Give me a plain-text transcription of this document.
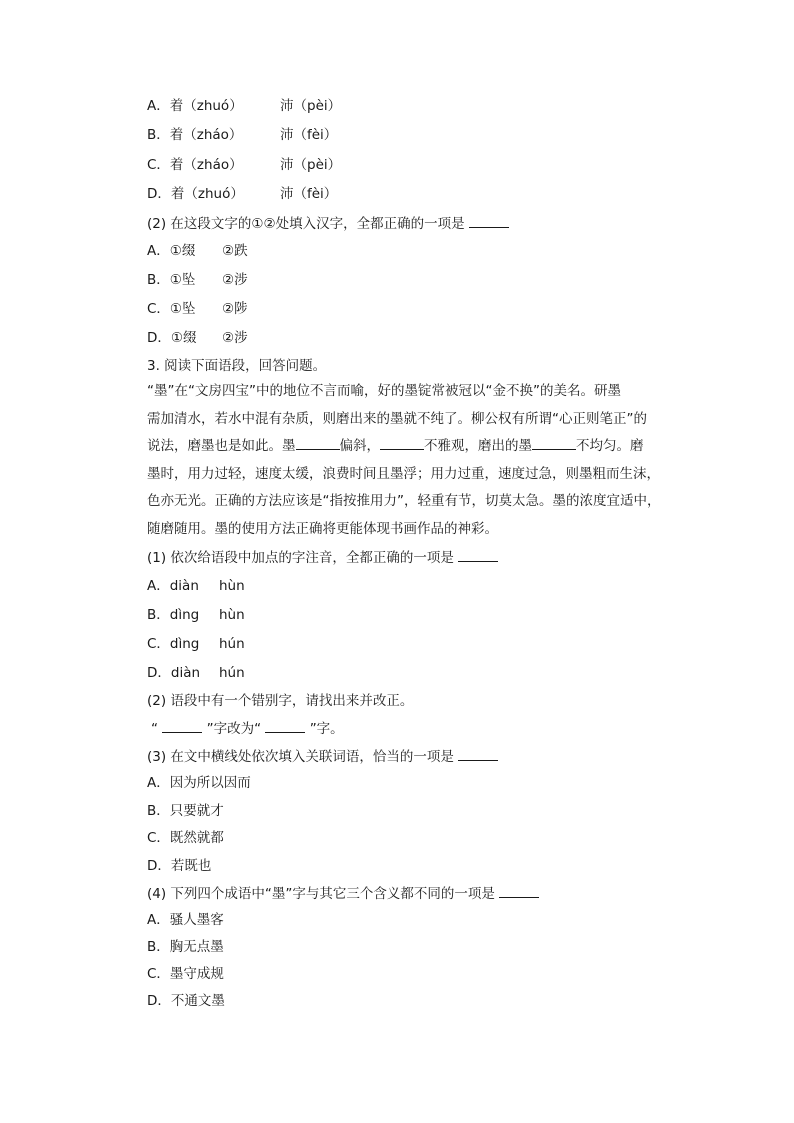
A．着（zhuó）	沛（pèi）
B．着（zháo）	沛（fèi）
C．着（zháo）	沛（pèi）
D．着（zhuó）	沛（fèi）
(2) 在这段文字的①②处填入汉字，全都正确的一项是
A．①缀 ②跌
B．①坠 ②涉
C．①坠 ②陟
D．①缀 ②涉
3. 阅读下面语段，回答问题。
“墨”在“文房四宝”中的地位不言而喻，好的墨锭常被冠以“金不换”的美名。研墨
需加清水，若水中混有杂质，则磨出来的墨就不纯了。柳公权有所谓“心正则笔正”的
说法，磨墨也是如此。墨	偏斜，	不雅观，磨出的墨	不均匀。磨
墨时，用力过轻，速度太缓，浪费时间且墨浮；用力过重，速度过急，则墨粗而生沫，
色亦无光。正确的方法应该是“指按推用力”，轻重有节，切莫太急。墨的浓度宜适中，
随磨随用。墨的使用方法正确将更能体现书画作品的神彩。
(1) 依次给语段中加点的字注音，全都正确的一项是
A．diàn hùn
B．dìng hùn
C．dìng hún
D．diàn hún
(2) 语段中有一个错别字，请找出来并改正。
“	”字改为“	”字。
(3) 在文中横线处依次填入关联词语，恰当的一项是
A．因为所以因而
B．只要就才
C．既然就都
D．若既也
(4) 下列四个成语中“墨”字与其它三个含义都不同的一项是
A．骚人墨客
B．胸无点墨
C．墨守成规
D．不通文墨
